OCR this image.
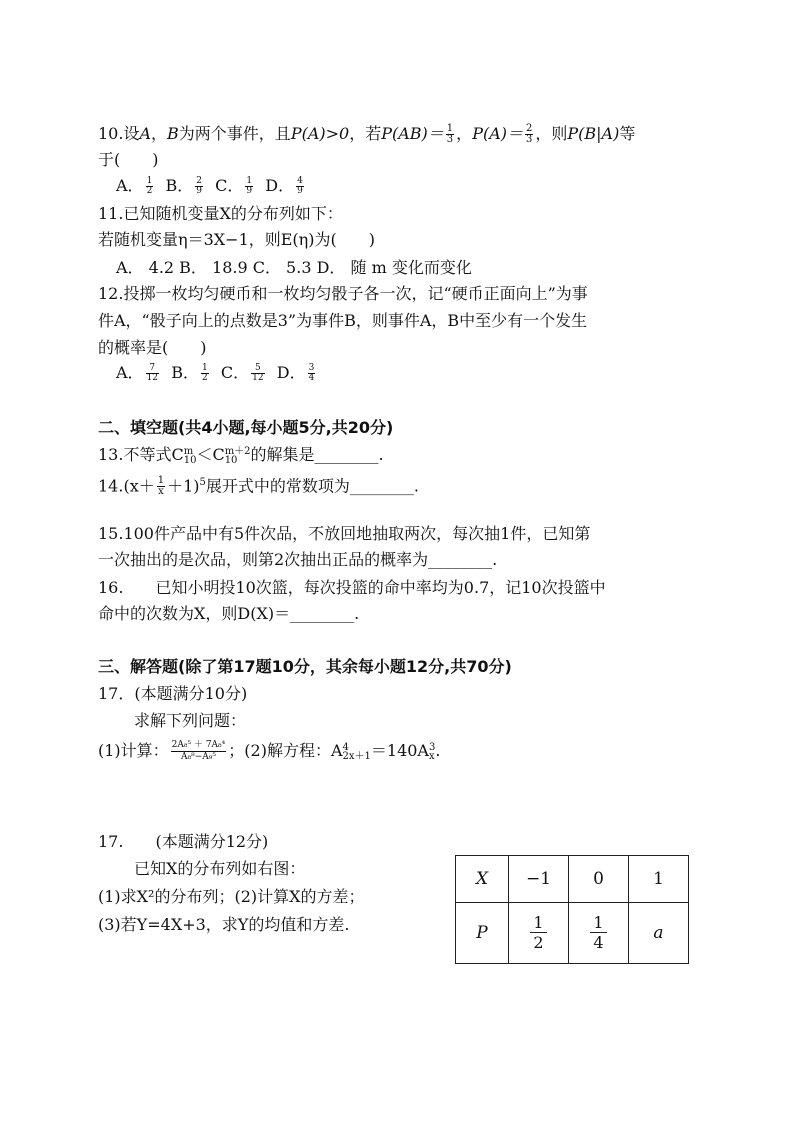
10.设A，B为两个事件，且P(A)>0，若$P(AB)= \frac{1}{3}$ ，$P(A)= \frac{2}{3}$ ，则P(B|A)等
于(　　)
A． $\frac{1}{2}$ B． $\frac{2}{9}$ C． $\frac{1}{9}$ D． $\frac{4}{9}$
11.已知随机变量X的分布列如下：
若随机变量η＝3X−1，则E(η)为(　　)
A． 4.2 B． 18.9 C． 5.3 D． 随 m 变化而变化
12.投掷一枚均匀硬币和一枚均匀骰子各一次，记“硬币正面向上”为事
件A，“骰子向上的点数是3”为事件B，则事件A，B中至少有一个发生
的概率是(　　)
A． $\frac{7}{12}$ B． $\frac{1}{2}$ C． $\frac{5}{12}$ D． $\frac{3}{4}$
二、填空题(共4小题,每小题5分,共20分)
13.不等式C m
10 ＜C m＋2
10 的解集是________.
$14.(x+ \frac{1}{x} +1)^5$展开式中的常数项为________.
15.100件产品中有5件次品，不放回地抽取两次，每次抽1件，已知第
一次抽出的是次品，则第2次抽出正品的概率为________.
16.　　已知小明投10次篮，每次投篮的命中率均为0.7，记10次投篮中
命中的次数为X，则D(X)＝________.
三、解答题(除了第17题10分，其余每小题12分,共70分)
17．(本题满分10分)
求解下列问题：
(1)计算： $\frac{\text{2A₈⁵ ＋ 7A₈⁴}}{\text{A₈⁸−A₉⁵}}$ ；(2)解方程：A 4
2x＋1 ＝140A 3
x .
17.　　(本题满分12分)
已知X的分布列如右图：
(1)求X²的分布列；(2)计算X的方差；
(3)若Y=4X+3，求Y的均值和方差.
X	−1	0	1
P	$\frac{1}{2}$	$\frac{1}{4}$	a
